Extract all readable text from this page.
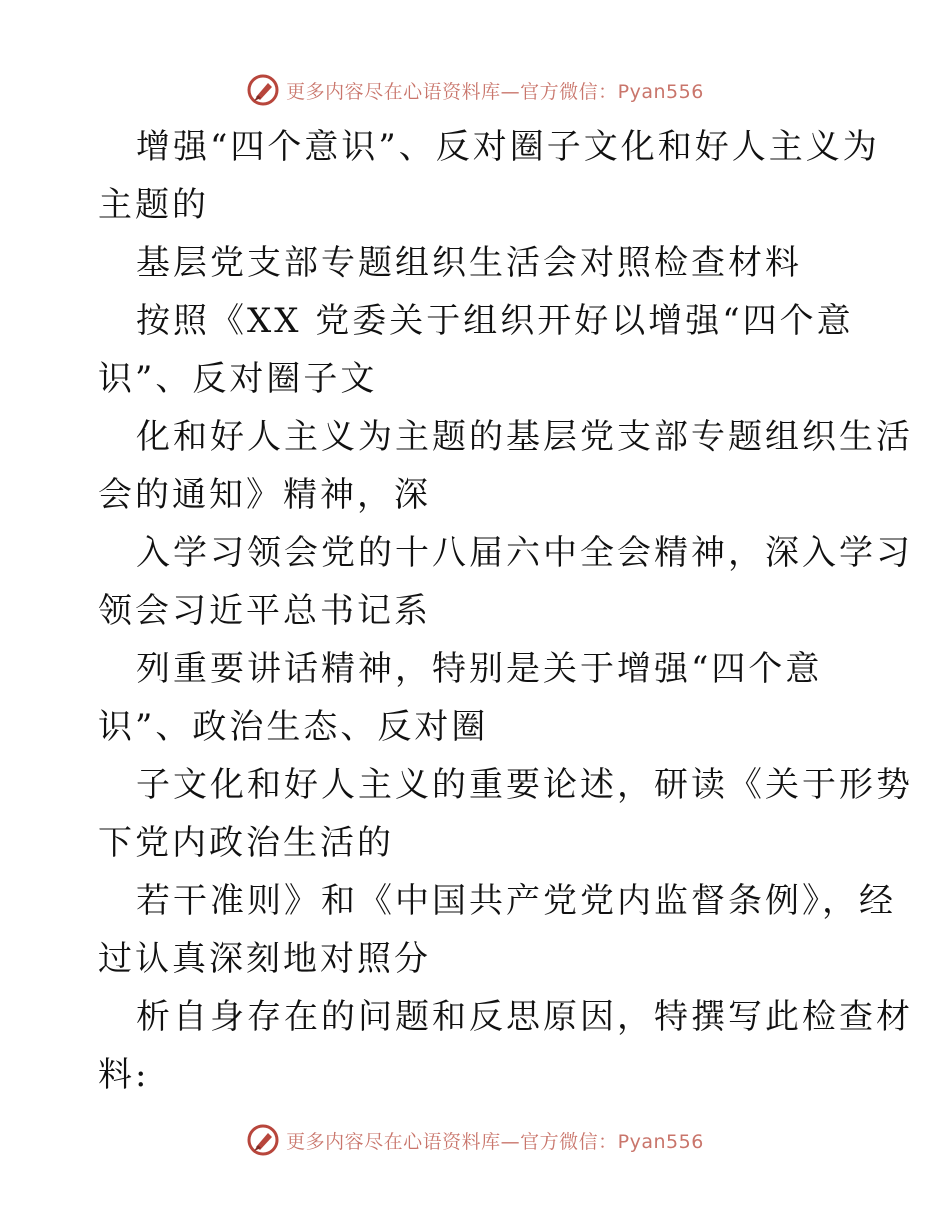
更多内容尽在心语资料库—官方微信：Pyan556

增强“四个意识”、反对圈子文化和好人主义为
主题的

基层党支部专题组织生活会对照检查材料

按照《XX 党委关于组织开好以增强“四个意
识”、反对圈子文

化和好人主义为主题的基层党支部专题组织生活
会的通知》精神，深

入学习领会党的十八届六中全会精神，深入学习
领会习近平总书记系

列重要讲话精神，特别是关于增强“四个意
识”、政治生态、反对圈

子文化和好人主义的重要论述，研读《关于形势
下党内政治生活的

若干准则》和《中国共产党党内监督条例》，经
过认真深刻地对照分

析自身存在的问题和反思原因，特撰写此检查材
料:

更多内容尽在心语资料库—官方微信：Pyan556
